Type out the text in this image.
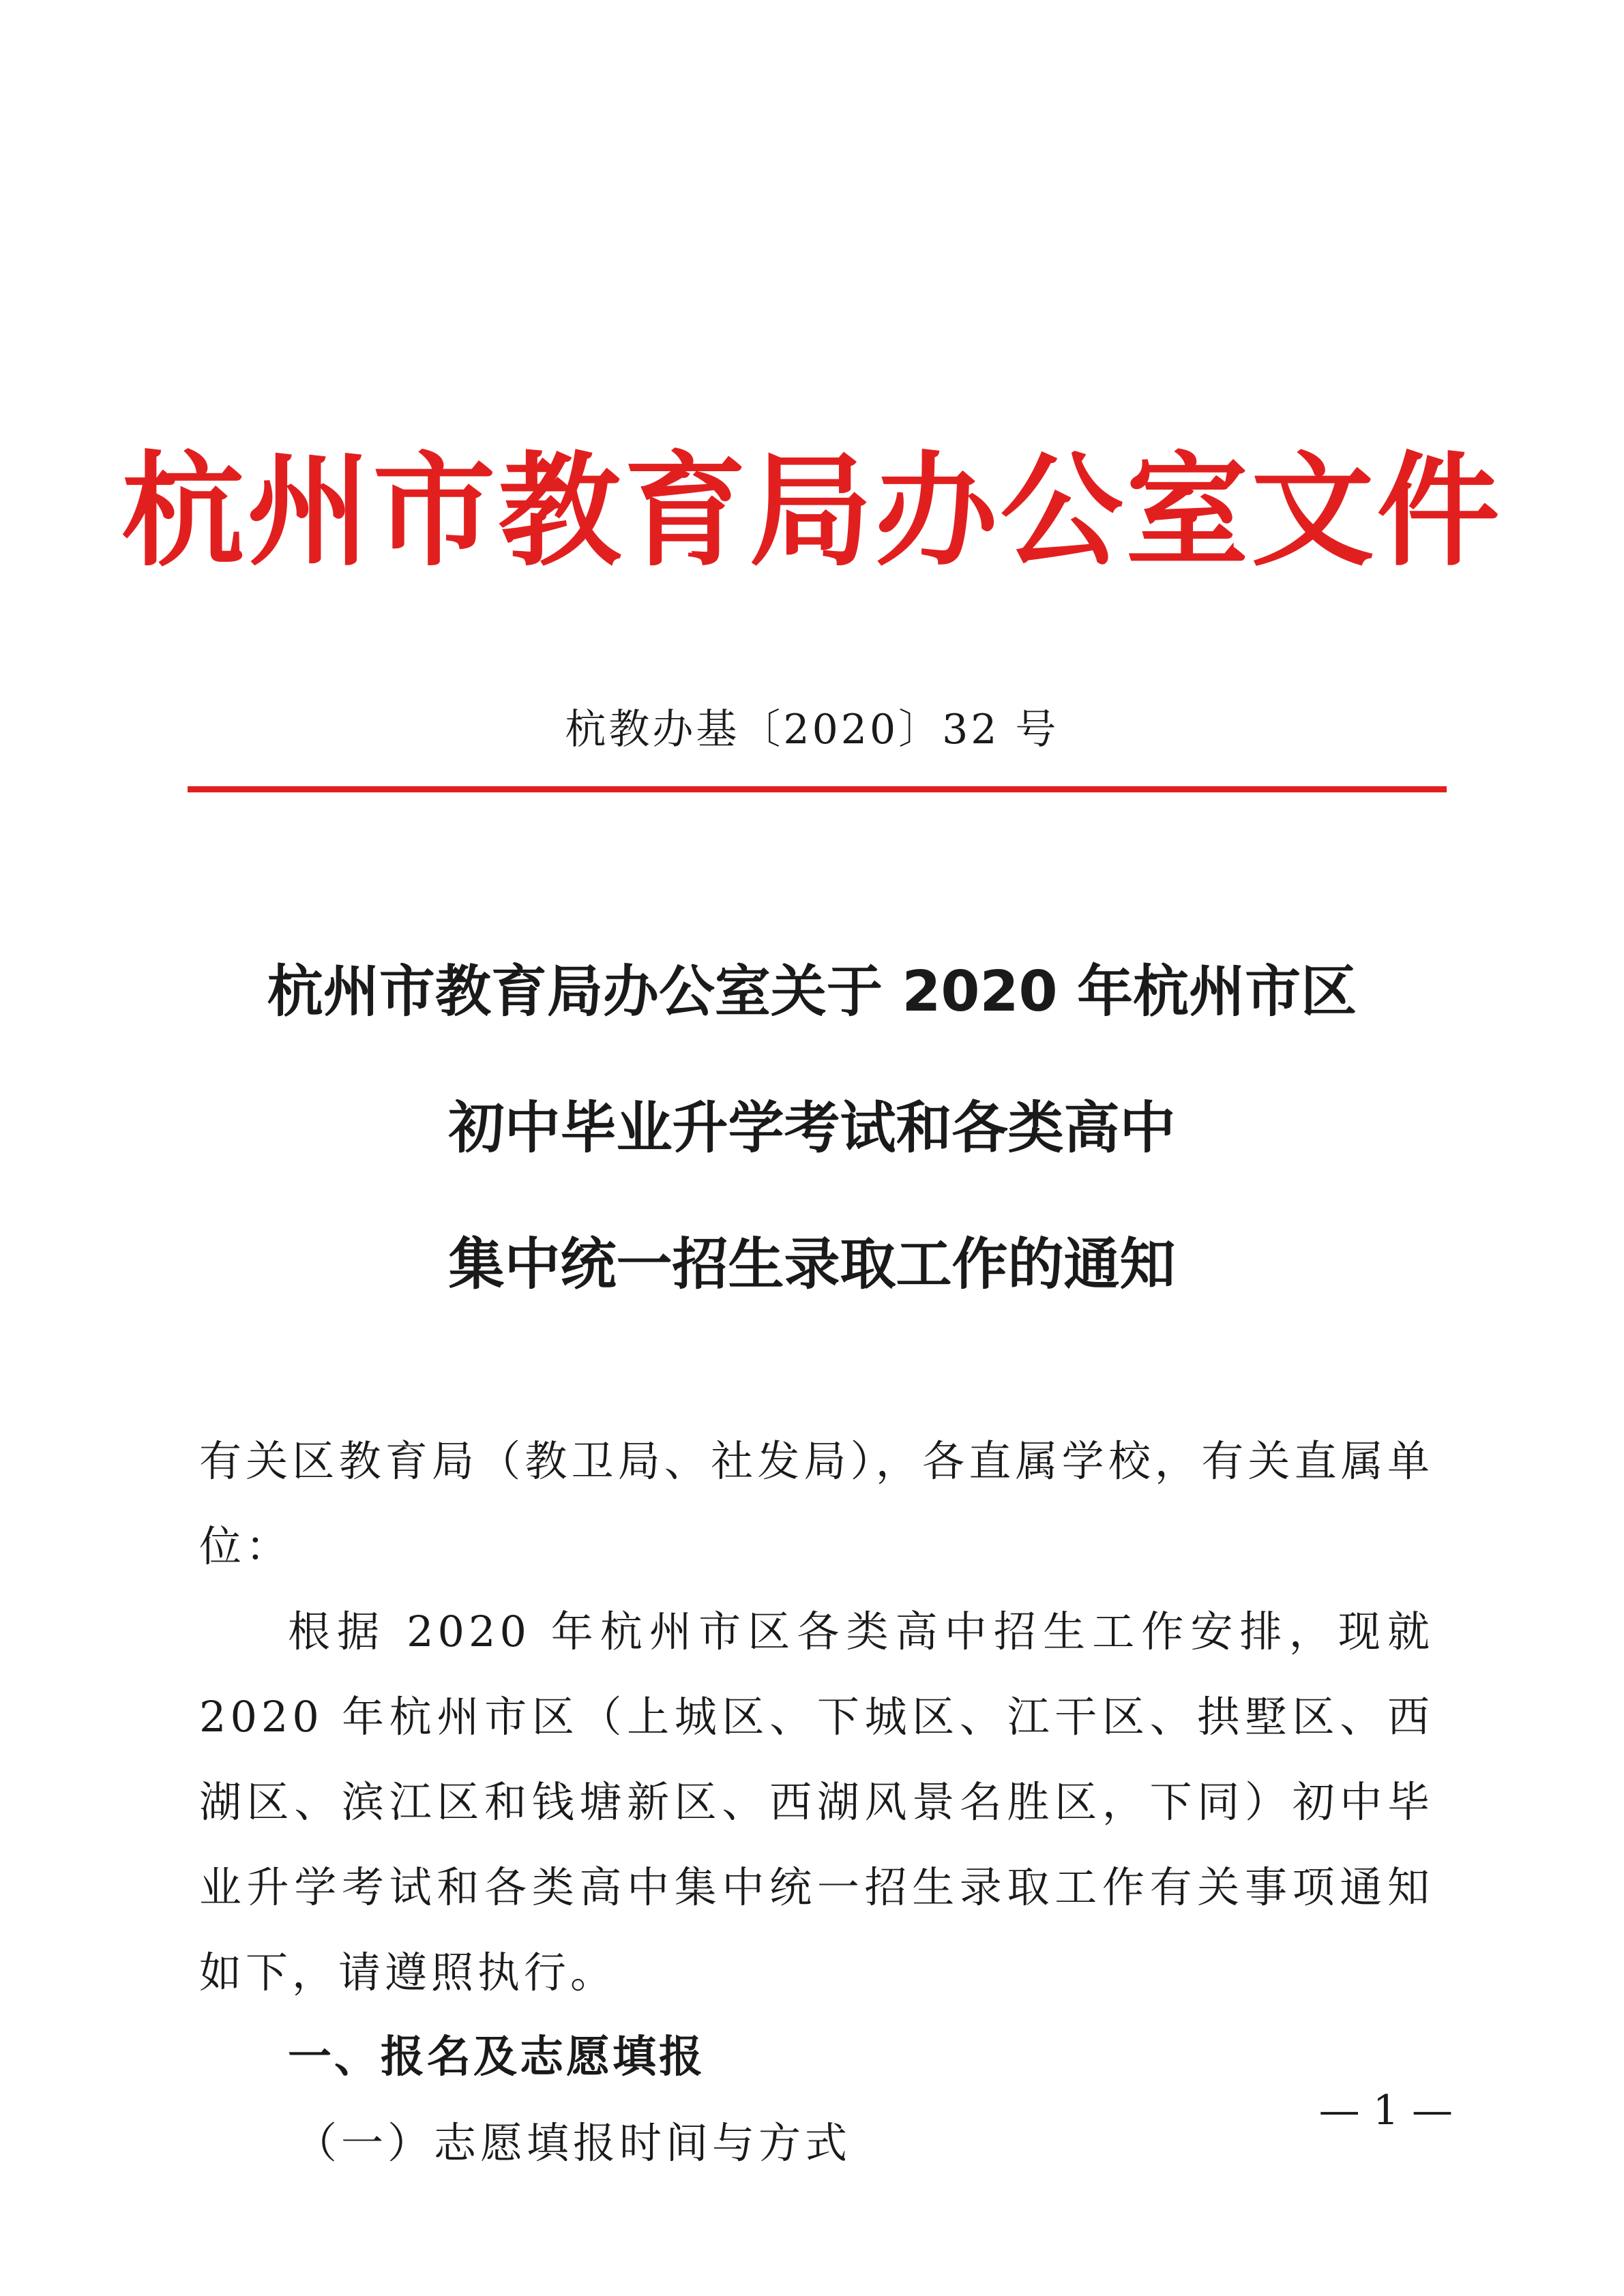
杭州市教育局办公室文件
杭教办基〔2020〕32 号
杭州市教育局办公室关于 2020 年杭州市区
初中毕业升学考试和各类高中
集中统一招生录取工作的通知

有关区教育局（教卫局、社发局），各直属学校，有关直属单位：

根据 2020 年杭州市区各类高中招生工作安排，现就 2020 年杭州市区（上城区、下城区、江干区、拱墅区、西湖区、滨江区和钱塘新区、西湖风景名胜区，下同）初中毕业升学考试和各类高中集中统一招生录取工作有关事项通知如下，请遵照执行。

一、报名及志愿填报

（一）志愿填报时间与方式

— 1 —
